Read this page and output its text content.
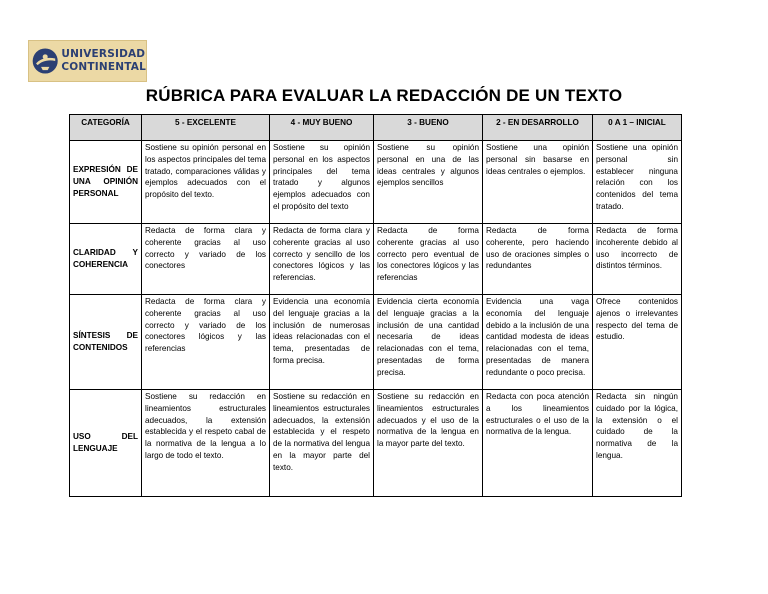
UNIVERSIDAD
CONTINENTAL
RÚBRICA PARA EVALUAR LA REDACCIÓN DE UN TEXTO
CATEGORÍA	5 - EXCELENTE	4 - MUY BUENO	3 - BUENO	2 - EN DESARROLLO	0 A 1 – INICIAL
EXPRESIÓN DE UNA OPINIÓN PERSONAL	Sostiene su opinión personal en los aspectos principales del tema tratado, comparaciones válidas y ejemplos adecuados con el propósito del texto.	Sostiene su opinión personal en los aspectos principales del tema tratado y algunos ejemplos adecuados con el propósito del texto	Sostiene su opinión personal en una de las ideas centrales y algunos ejemplos sencillos	Sostiene una opinión personal sin basarse en ideas centrales o ejemplos.	Sostiene una opinión personal sin establecer ninguna relación con los contenidos del tema tratado.
CLARIDAD Y COHERENCIA	Redacta de forma clara y coherente gracias al uso correcto y variado de los conectores	Redacta de forma clara y coherente gracias al uso correcto y sencillo de los conectores lógicos y las referencias.	Redacta de forma coherente gracias al uso correcto pero eventual de los conectores lógicos y las referencias	Redacta de forma coherente, pero haciendo uso de oraciones simples o redundantes	Redacta de forma incoherente debido al uso incorrecto de distintos términos.
SÍNTESIS DE CONTENIDOS	Redacta de forma clara y coherente gracias al uso correcto y variado de los conectores lógicos y las referencias	Evidencia una economía del lenguaje gracias a la inclusión de numerosas ideas relacionadas con el tema, presentadas de forma precisa.	Evidencia cierta economía del lenguaje gracias a la inclusión de una cantidad necesaria de ideas relacionadas con el tema, presentadas de forma precisa.	Evidencia una vaga economía del lenguaje debido a la inclusión de una cantidad modesta de ideas relacionadas con el tema, presentadas de manera redundante o poco precisa.	Ofrece contenidos ajenos o irrelevantes respecto del tema de estudio.
USO DEL LENGUAJE	Sostiene su redacción en lineamientos estructurales adecuados, la extensión establecida y el respeto cabal de la normativa de la lengua a lo largo de todo el texto.	Sostiene su redacción en lineamientos estructurales adecuados, la extensión establecida y el respeto de la normativa del lengua en la mayor parte del texto.	Sostiene su redacción en lineamientos estructurales adecuados y el uso de la normativa de la lengua en la mayor parte del texto.	Redacta con poca atención a los lineamientos estructurales o el uso de la normativa de la lengua.	Redacta sin ningún cuidado por la lógica, la extensión o el cuidado de la normativa de la lengua.
